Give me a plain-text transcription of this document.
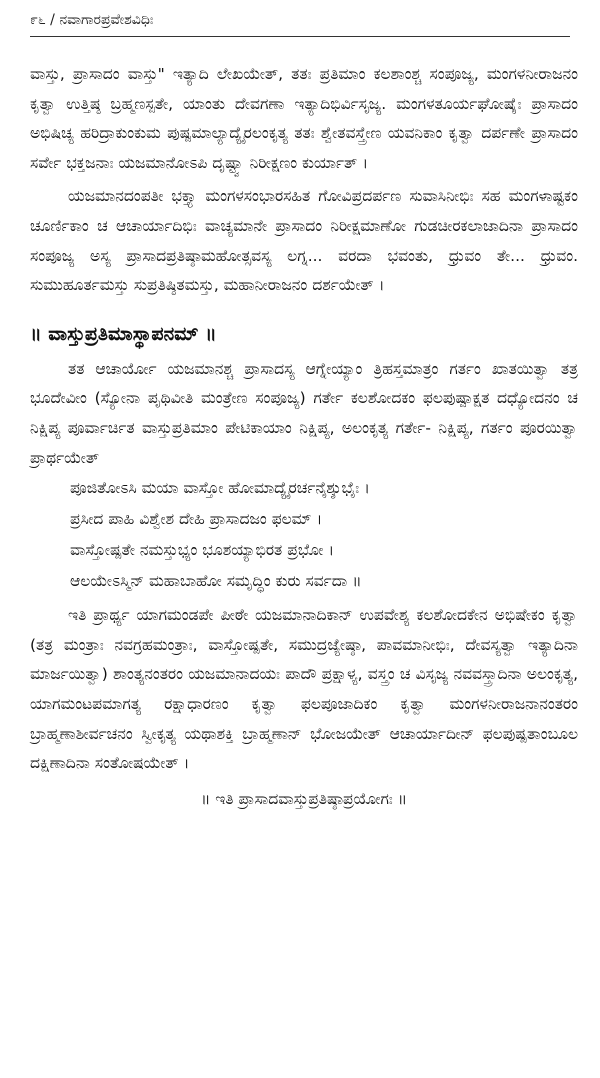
೯೬ / ನವಾಗಾರಪ್ರವೇಶವಿಧಿಃ

ವಾಸ್ತು, ಪ್ರಾಸಾದಂ ವಾಸ್ತು" ಇತ್ಯಾದಿ ಲೇಖಯೇತ್, ತತಃ ಪ್ರತಿಮಾಂ ಕಲಶಾಂಶ್ಚ ಸಂಪೂಜ್ಯ, ಮಂಗಳನೀರಾಜನಂ ಕೃತ್ವಾ ಉತ್ತಿಷ್ಠ ಬ್ರಹ್ಮಣಸ್ಪತೇ, ಯಾಂತು ದೇವಗಣಾ ಇತ್ಯಾದಿಭಿರ್ವಿಸೃಜ್ಯ. ಮಂಗಳತೂರ್ಯಘೋಷೈಃ ಪ್ರಾಸಾದಂ ಅಭಿಷಿಚ್ಯ ಹರಿದ್ರಾಕುಂಕುಮ ಪುಷ್ಪಮಾಲ್ಯಾದ್ಯೈರಲಂಕೃತ್ಯ ತತಃ ಶ್ವೇತವಸ್ತ್ರೇಣ ಯವನಿಕಾಂ ಕೃತ್ವಾ ದರ್ಪಣೇ ಪ್ರಾಸಾದಂ ಸರ್ವೇ ಭಕ್ತಜನಾಃ ಯಜಮಾನೋಽಪಿ ದೃಷ್ಟ್ವಾ ನಿರೀಕ್ಷಣಂ ಕುರ್ಯಾತ್ ।

ಯಜಮಾನದಂಪತೀ ಭಕ್ತ್ಯಾ ಮಂಗಳಸಂಭಾರಸಹಿತ ಗೋವಿಪ್ರದರ್ಪಣ ಸುವಾಸಿನೀಭಿಃ ಸಹ ಮಂಗಳಾಷ್ಟಕಂ ಚೂರ್ಣಿಕಾಂ ಚ ಆಚಾರ್ಯಾದಿಭಿಃ ವಾಚ್ಯಮಾನೇ ಪ್ರಾಸಾದಂ ನಿರೀಕ್ಷಮಾಣೋ ಗುಡಚೀರಕಲಾಜಾದಿನಾ ಪ್ರಾಸಾದಂ ಸಂಪೂಜ್ಯ ಅಸ್ಯ ಪ್ರಾಸಾದಪ್ರತಿಷ್ಠಾಮಹೋತ್ಸವಸ್ಯ ಲಗ್ನ... ವರದಾ ಭವಂತು, ಧ್ರುವಂ ತೇ... ಧ್ರುವಂ. ಸುಮುಹೂರ್ತಮಸ್ತು ಸುಪ್ರತಿಷ್ಠಿತಮಸ್ತು, ಮಹಾನೀರಾಜನಂ ದರ್ಶಯೇತ್ ।

॥ ವಾಸ್ತುಪ್ರತಿಮಾಸ್ಥಾಪನಮ್ ॥

ತತ ಆಚಾರ್ಯೋ ಯಜಮಾನಶ್ಚ ಪ್ರಾಸಾದಸ್ಯ ಆಗ್ನೇಯ್ಯಾಂ ತ್ರಿಹಸ್ತಮಾತ್ರಂ ಗರ್ತಂ ಖಾತಯಿತ್ವಾ ತತ್ರ ಭೂದೇವೀಂ (ಸ್ಯೋನಾ ಪೃಥಿವೀತಿ ಮಂತ್ರೇಣ ಸಂಪೂಜ್ಯ) ಗರ್ತೇ ಕಲಶೋದಕಂ ಫಲಪುಷ್ಪಾಕ್ಷತ ದಧ್ಯೋದನಂ ಚ ನಿಕ್ಷಿಪ್ಯ ಪೂರ್ವಾರ್ಚಿತ ವಾಸ್ತುಪ್ರತಿಮಾಂ ಪೇಟಿಕಾಯಾಂ ನಿಕ್ಷಿಪ್ಯ, ಅಲಂಕೃತ್ಯ ಗರ್ತೇ- ನಿಕ್ಷಿಪ್ಯ, ಗರ್ತಂ ಪೂರಯಿತ್ವಾ ಪ್ರಾರ್ಥಯೇತ್

ಪೂಜಿತೋಽಸಿ ಮಯಾ ವಾಸ್ತೋ ಹೋಮಾದ್ಯೈರರ್ಚನೈಶ್ಶುಭೈಃ ।

ಪ್ರಸೀದ ಪಾಹಿ ವಿಶ್ವೇಶ ದೇಹಿ ಪ್ರಾಸಾದಜಂ ಫಲಮ್ ।

ವಾಸ್ತೋಷ್ಪತೇ ನಮಸ್ತುಭ್ಯಂ ಭೂಶಯ್ಯಾಭಿರತ ಪ್ರಭೋ ।

ಆಲಯೇಽಸ್ಮಿನ್ ಮಹಾಬಾಹೋ ಸಮೃದ್ಧಿಂ ಕುರು ಸರ್ವದಾ ॥

ಇತಿ ಪ್ರಾರ್ಥ್ಯ ಯಾಗಮಂಡಪೇ ಪೀಠೇ ಯಜಮಾನಾದಿಕಾನ್ ಉಪವೇಶ್ಯ ಕಲಶೋದಕೇನ ಅಭಿಷೇಕಂ ಕೃತ್ವಾ (ತತ್ರ ಮಂತ್ರಾಃ ನವಗ್ರಹಮಂತ್ರಾಃ, ವಾಸ್ತೋಷ್ಪತೇ, ಸಮುದ್ರಜ್ಯೇಷ್ಠಾ, ಪಾವಮಾನೀಭಿಃ, ದೇವಸ್ಯತ್ವಾ ಇತ್ಯಾದಿನಾ ಮಾರ್ಜಯಿತ್ವಾ) ಶಾಂತ್ಯನಂತರಂ ಯಜಮಾನಾದಯಃ ಪಾದೌ ಪ್ರಕ್ಷಾಳ್ಯ, ವಸ್ತ್ರಂ ಚ ವಿಸೃಜ್ಯ ನವವಸ್ತ್ರಾದಿನಾ ಅಲಂಕೃತ್ಯ, ಯಾಗಮಂಟಪಮಾಗತ್ಯ ರಕ್ಷಾಧಾರಣಂ ಕೃತ್ವಾ ಫಲಪೂಜಾದಿಕಂ ಕೃತ್ವಾ ಮಂಗಳನೀರಾಜನಾನಂತರಂ ಬ್ರಾಹ್ಮಣಾಶೀರ್ವಚನಂ ಸ್ವೀಕೃತ್ಯ ಯಥಾಶಕ್ತಿ ಬ್ರಾಹ್ಮಣಾನ್ ಭೋಜಯೇತ್ ಆಚಾರ್ಯಾದೀನ್ ಫಲಪುಷ್ಪತಾಂಬೂಲ ದಕ್ಷಿಣಾದಿನಾ ಸಂತೋಷಯೇತ್ ।

॥ ಇತಿ ಪ್ರಾಸಾದವಾಸ್ತುಪ್ರತಿಷ್ಠಾಪ್ರಯೋಗಃ ॥
